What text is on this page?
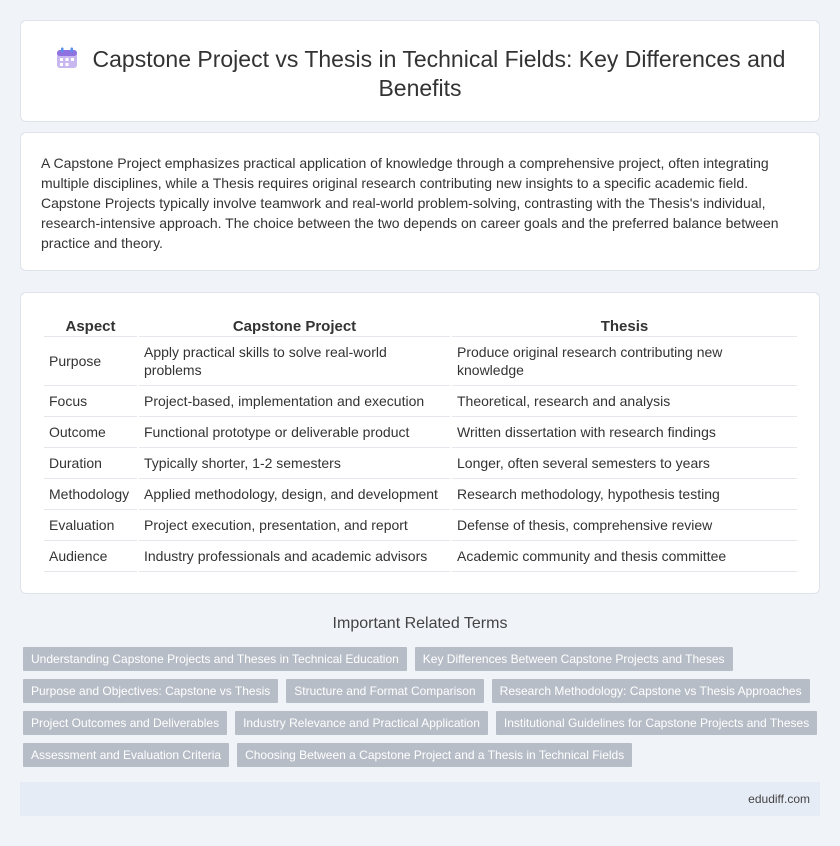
Capstone Project vs Thesis in Technical Fields: Key Differences and Benefits

A Capstone Project emphasizes practical application of knowledge through a comprehensive project, often integrating multiple disciplines, while a Thesis requires original research contributing new insights to a specific academic field. Capstone Projects typically involve teamwork and real-world problem-solving, contrasting with the Thesis's individual, research-intensive approach. The choice between the two depends on career goals and the preferred balance between practice and theory.

Aspect	Capstone Project	Thesis
Purpose	Apply practical skills to solve real-world problems	Produce original research contributing new knowledge
Focus	Project-based, implementation and execution	Theoretical, research and analysis
Outcome	Functional prototype or deliverable product	Written dissertation with research findings
Duration	Typically shorter, 1-2 semesters	Longer, often several semesters to years
Methodology	Applied methodology, design, and development	Research methodology, hypothesis testing
Evaluation	Project execution, presentation, and report	Defense of thesis, comprehensive review
Audience	Industry professionals and academic advisors	Academic community and thesis committee
Important Related Terms
Understanding Capstone Projects and Theses in Technical Education	Key Differences Between Capstone Projects and Theses
Purpose and Objectives: Capstone vs Thesis	Structure and Format Comparison	Research Methodology: Capstone vs Thesis Approaches
Project Outcomes and Deliverables	Industry Relevance and Practical Application	Institutional Guidelines for Capstone Projects and Theses
Assessment and Evaluation Criteria	Choosing Between a Capstone Project and a Thesis in Technical Fields
edudiff.com
